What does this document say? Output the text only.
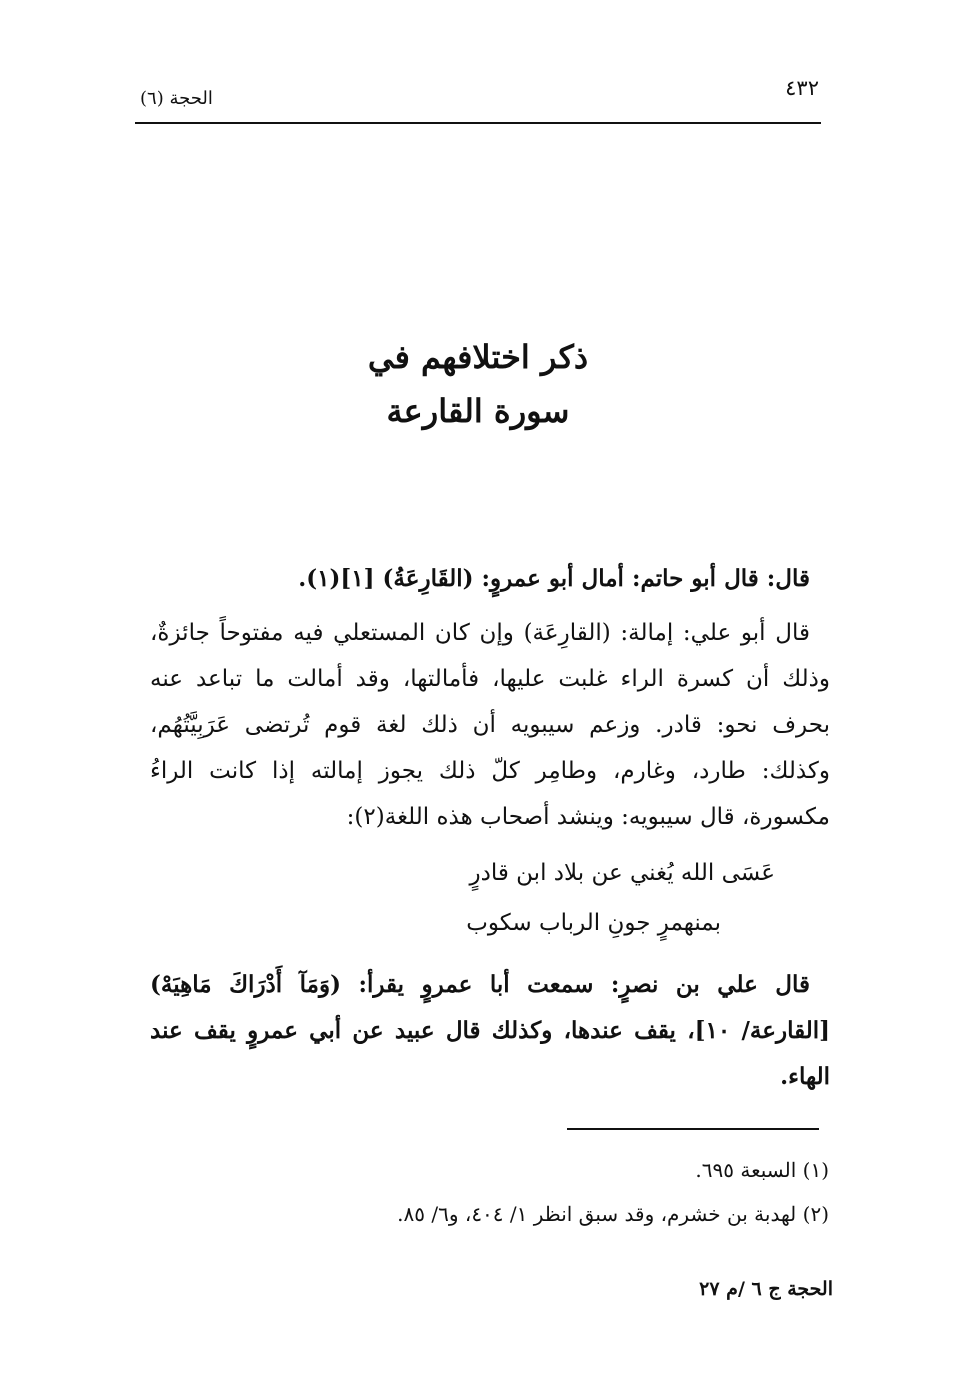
الحجة (٦)	٤٣٢
ذكر اختلافهم في
سورة القارعة
قال: قال أبو حاتم: أمال أبو عمروٍ: (القَارِعَةُ) [١](١).
قال أبو علي: إمالة: (القارِعَة) وإن كان المستعلي فيه مفتوحاً جائزةٌ، وذلك أن كسرة الراء غلبت عليها، فأمالتها، وقد أمالت ما تباعد عنه بحرف نحو: قادر. وزعم سيبويه أن ذلك لغة قوم تُرتضى عَرَبِيَّتُهُم، وكذلك: طارد، وغارم، وطامِر كلّ ذلك يجوز إمالته إذا كانت الراءُ مكسورة، قال سيبويه: وينشد أصحاب هذه اللغة(٢):
عَسَى الله يُغني عن بلاد ابن قادرٍ
بمنهمرٍ جونِ الرباب سكوب
قال علي بن نصرٍ: سمعت أبا عمروٍ يقرأ: (وَمَآ أَدْرَاكَ مَاهِيَهْ) [القارعة/ ١٠]، يقف عندها، وكذلك قال عبيد عن أبي عمروٍ يقف عند الهاء.
(١) السبعة ٦٩٥.
(٢) لهدبة بن خشرم، وقد سبق انظر ١/ ٤٠٤، و٦/ ٨٥.
الحجة ج ٦ /م ٢٧
